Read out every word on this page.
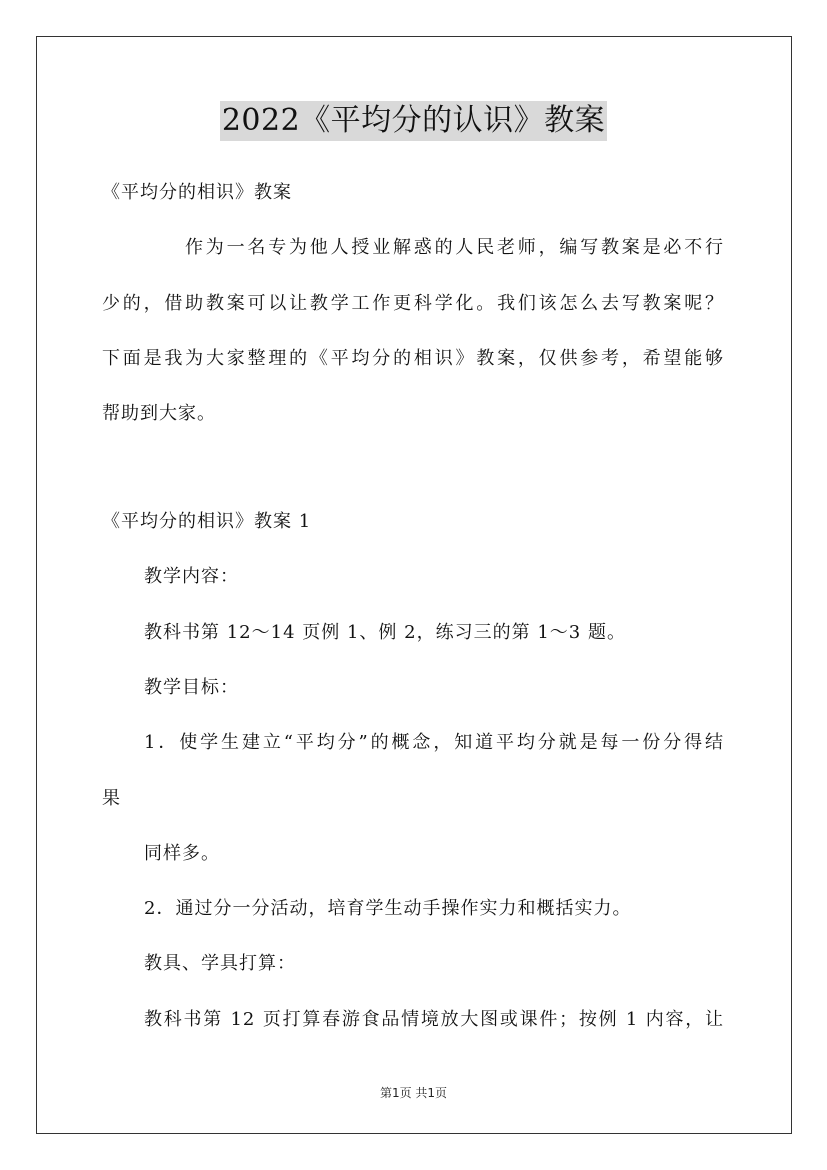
2022《平均分的认识》教案

《平均分的相识》教案

作为一名专为他人授业解惑的人民老师，编写教案是必不行

少的，借助教案可以让教学工作更科学化。我们该怎么去写教案呢？

下面是我为大家整理的《平均分的相识》教案，仅供参考，希望能够

帮助到大家。

《平均分的相识》教案 1

教学内容：

教科书第 12～14 页例 1、例 2，练习三的第 1～3 题。

教学目标：

1．使学生建立“平均分”的概念，知道平均分就是每一份分得结

果

同样多。

2．通过分一分活动，培育学生动手操作实力和概括实力。

教具、学具打算：

教科书第 12 页打算春游食品情境放大图或课件；按例 1 内容，让

第1页 共1页
